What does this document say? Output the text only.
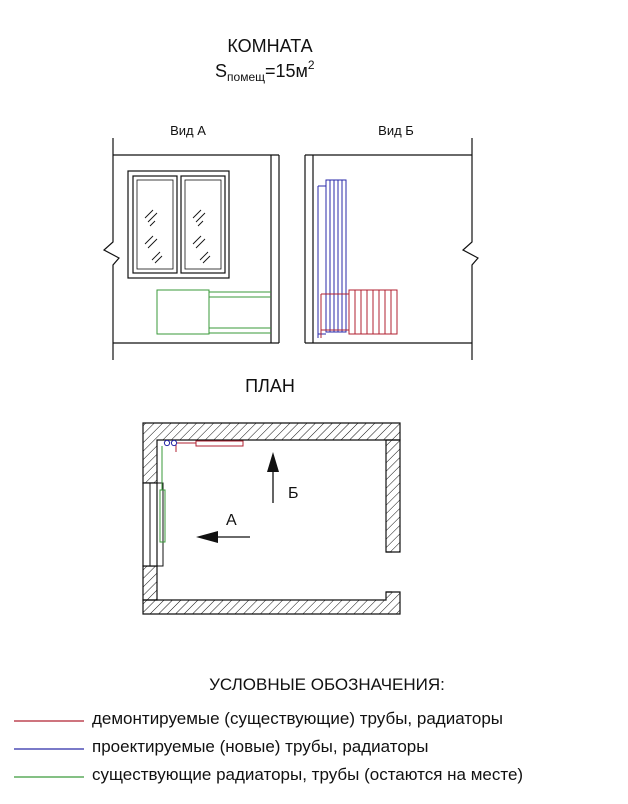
КОМНАТА
$S_{помещ}=15м^2$
Вид А	Вид Б
ПЛАН
Б
А
УСЛОВНЫЕ ОБОЗНАЧЕНИЯ:
демонтируемые (существующие) трубы, радиаторы
проектируемые (новые) трубы, радиаторы
существующие радиаторы, трубы (остаются на месте)
